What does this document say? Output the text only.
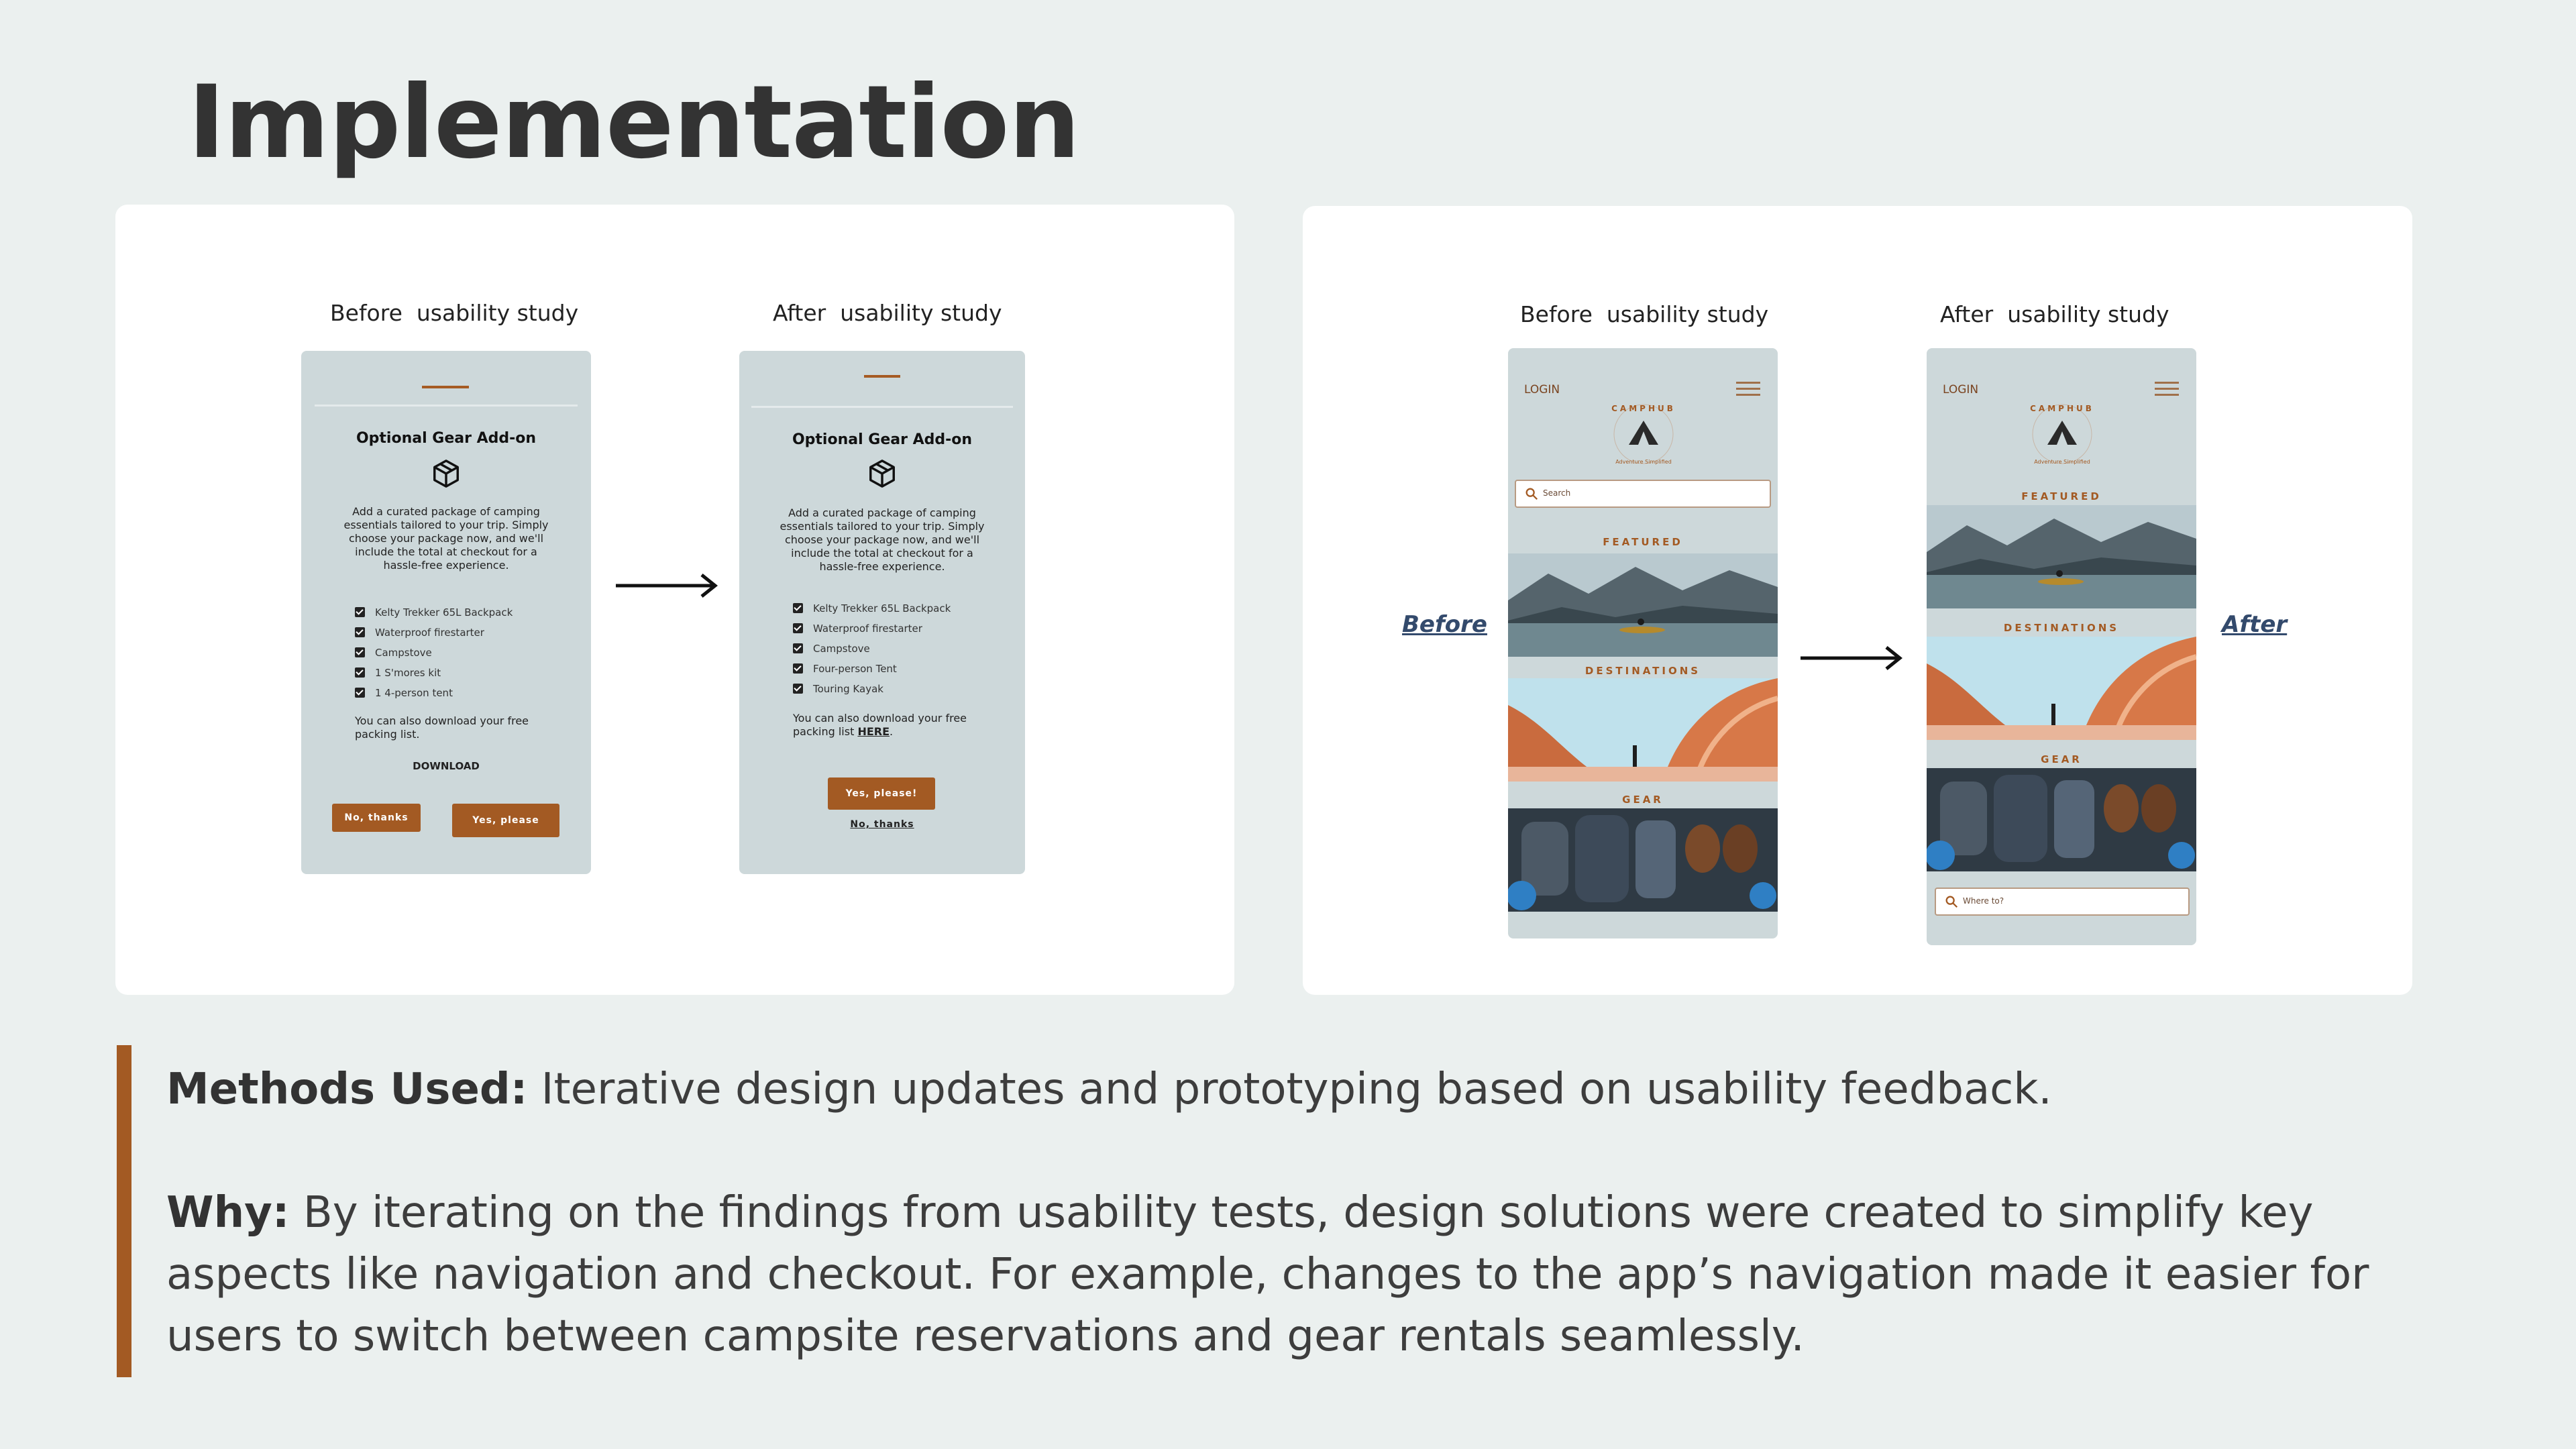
Implementation
Before  usability study	After  usability study
Optional Gear Add-on
Add a curated package of camping essentials tailored to your trip. Simply choose your package now, and we'll include the total at checkout for a hassle-free experience.
Kelty Trekker 65L Backpack
Waterproof firestarter
Campstove
1 S'mores kit
1 4-person tent
You can also download your free packing list.
DOWNLOAD
No, thanks	Yes, please
Optional Gear Add-on
Add a curated package of camping essentials tailored to your trip. Simply choose your package now, and we'll include the total at checkout for a hassle-free experience.
Kelty Trekker 65L Backpack
Waterproof firestarter
Campstove
Four-person Tent
Touring Kayak
You can also download your free packing list HERE.
Yes, please!
No, thanks
Before  usability study	After  usability study
Before	After
LOGIN
CAMPHUB
Adventure Simplified
Search
FEATURED
DESTINATIONS
GEAR
LOGIN
CAMPHUB
Adventure Simplified
FEATURED
DESTINATIONS
GEAR
Where to?

Methods Used: Iterative design updates and prototyping based on usability feedback.

Why: By iterating on the findings from usability tests, design solutions were created to simplify key aspects like navigation and checkout. For example, changes to the app’s navigation made it easier for users to switch between campsite reservations and gear rentals seamlessly.
